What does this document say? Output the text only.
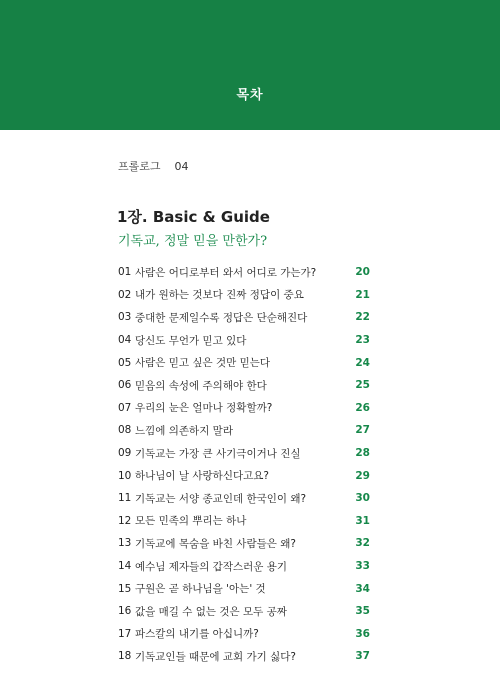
목차
프롤로그 04
1장. Basic & Guide
기독교, 정말 믿을 만한가?
01 사람은 어디로부터 와서 어디로 가는가?	20
02 내가 원하는 것보다 진짜 정답이 중요	21
03 중대한 문제일수록 정답은 단순해진다	22
04 당신도 무언가 믿고 있다	23
05 사람은 믿고 싶은 것만 믿는다	24
06 믿음의 속성에 주의해야 한다	25
07 우리의 눈은 얼마나 정확할까?	26
08 느낌에 의존하지 말라	27
09 기독교는 가장 큰 사기극이거나 진실	28
10 하나님이 날 사랑하신다고요?	29
11 기독교는 서양 종교인데 한국인이 왜?	30
12 모든 민족의 뿌리는 하나	31
13 기독교에 목숨을 바친 사람들은 왜?	32
14 예수님 제자들의 갑작스러운 용기	33
15 구원은 곧 하나님을 '아는' 것	34
16 값을 매길 수 없는 것은 모두 공짜	35
17 파스칼의 내기를 아십니까?	36
18 기독교인들 때문에 교회 가기 싫다?	37
